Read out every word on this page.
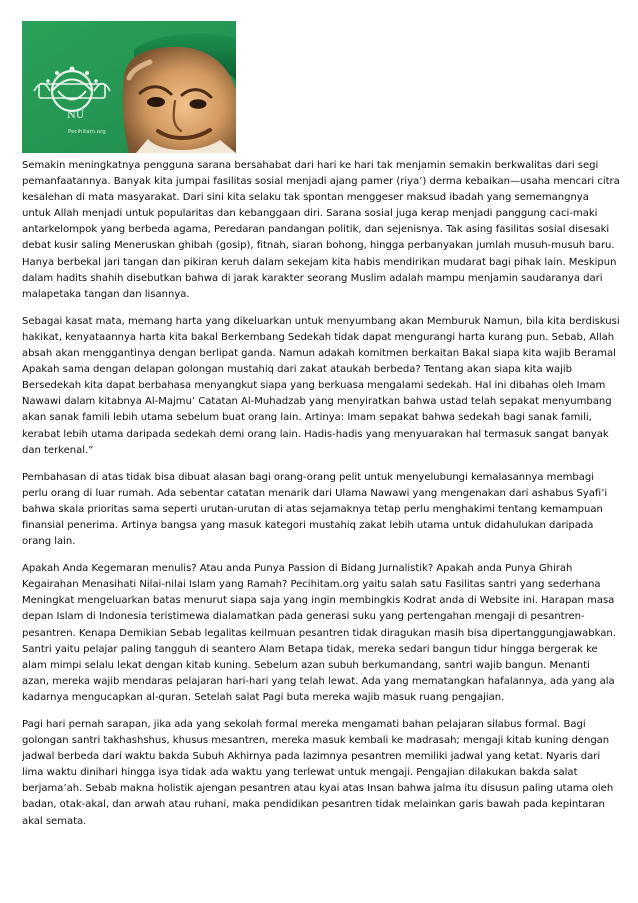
NU
Pecihitam.org

Semakin meningkatnya pengguna sarana bersahabat dari hari ke hari tak menjamin semakin berkwalitas dari segi pemanfaatannya. Banyak kita jumpai fasilitas sosial menjadi ajang pamer (riya’) derma kebaikan—usaha mencari citra kesalehan di mata masyarakat. Dari sini kita selaku tak spontan menggeser maksud ibadah yang sememangnya untuk Allah menjadi untuk popularitas dan kebanggaan diri. Sarana sosial juga kerap menjadi panggung caci-maki antarkelompok yang berbeda agama, Peredaran pandangan politik, dan sejenisnya. Tak asing fasilitas sosial disesaki debat kusir saling Meneruskan ghibah (gosip), fitnah, siaran bohong, hingga perbanyakan jumlah musuh-musuh baru. Hanya berbekal jari tangan dan pikiran keruh dalam sekejam kita habis mendirikan mudarat bagi pihak lain. Meskipun dalam hadits shahih disebutkan bahwa di jarak karakter seorang Muslim adalah mampu menjamin saudaranya dari malapetaka tangan dan lisannya.

Sebagai kasat mata, memang harta yang dikeluarkan untuk menyumbang akan Memburuk Namun, bila kita berdiskusi hakikat, kenyataannya harta kita bakal Berkembang Sedekah tidak dapat mengurangi harta kurang pun. Sebab, Allah absah akan menggantinya dengan berlipat ganda. Namun adakah komitmen berkaitan Bakal siapa kita wajib Beramal Apakah sama dengan delapan golongan mustahiq dari zakat ataukah berbeda? Tentang akan siapa kita wajib Bersedekah kita dapat berbahasa menyangkut siapa yang berkuasa mengalami sedekah. Hal ini dibahas oleh Imam Nawawi dalam kitabnya Al-Majmu’ Catatan Al-Muhadzab yang menyiratkan bahwa ustad telah sepakat menyumbang akan sanak famili lebih utama sebelum buat orang lain. Artinya: Imam sepakat bahwa sedekah bagi sanak famili, kerabat lebih utama daripada sedekah demi orang lain. Hadis-hadis yang menyuarakan hal termasuk sangat banyak dan terkenal.”

Pembahasan di atas tidak bisa dibuat alasan bagi orang-orang pelit untuk menyelubungi kemalasannya membagi perlu orang di luar rumah. Ada sebentar catatan menarik dari Ulama Nawawi yang mengenakan dari ashabus Syafi’i bahwa skala prioritas sama seperti urutan-urutan di atas sejamaknya tetap perlu menghakimi tentang kemampuan finansial penerima. Artinya bangsa yang masuk kategori mustahiq zakat lebih utama untuk didahulukan daripada orang lain.

Apakah Anda Kegemaran menulis? Atau anda Punya Passion di Bidang Jurnalistik? Apakah anda Punya Ghirah Kegairahan Menasihati Nilai-nilai Islam yang Ramah? Pecihitam.org yaitu salah satu Fasilitas santri yang sederhana Meningkat mengeluarkan batas menurut siapa saja yang ingin membingkis Kodrat anda di Website ini. Harapan masa depan Islam di Indonesia teristimewa dialamatkan pada generasi suku yang pertengahan mengaji di pesantren-pesantren. Kenapa Demikian Sebab legalitas keilmuan pesantren tidak diragukan masih bisa dipertanggungjawabkan. Santri yaitu pelajar paling tangguh di seantero Alam Betapa tidak, mereka sedari bangun tidur hingga bergerak ke alam mimpi selalu lekat dengan kitab kuning. Sebelum azan subuh berkumandang, santri wajib bangun. Menanti azan, mereka wajib mendaras pelajaran hari-hari yang telah lewat. Ada yang mematangkan hafalannya, ada yang ala kadarnya mengucapkan al-quran. Setelah salat Pagi buta mereka wajib masuk ruang pengajian.

Pagi hari pernah sarapan, jika ada yang sekolah formal mereka mengamati bahan pelajaran silabus formal. Bagi golongan santri takhashshus, khusus mesantren, mereka masuk kembali ke madrasah; mengaji kitab kuning dengan jadwal berbeda dari waktu bakda Subuh Akhirnya pada lazimnya pesantren memiliki jadwal yang ketat. Nyaris dari lima waktu dinihari hingga isya tidak ada waktu yang terlewat untuk mengaji. Pengajian dilakukan bakda salat berjama’ah. Sebab makna holistik ajengan pesantren atau kyai atas Insan bahwa jalma itu disusun paling utama oleh badan, otak-akal, dan arwah atau ruhani, maka pendidikan pesantren tidak melainkan garis bawah pada kepintaran akal semata.
